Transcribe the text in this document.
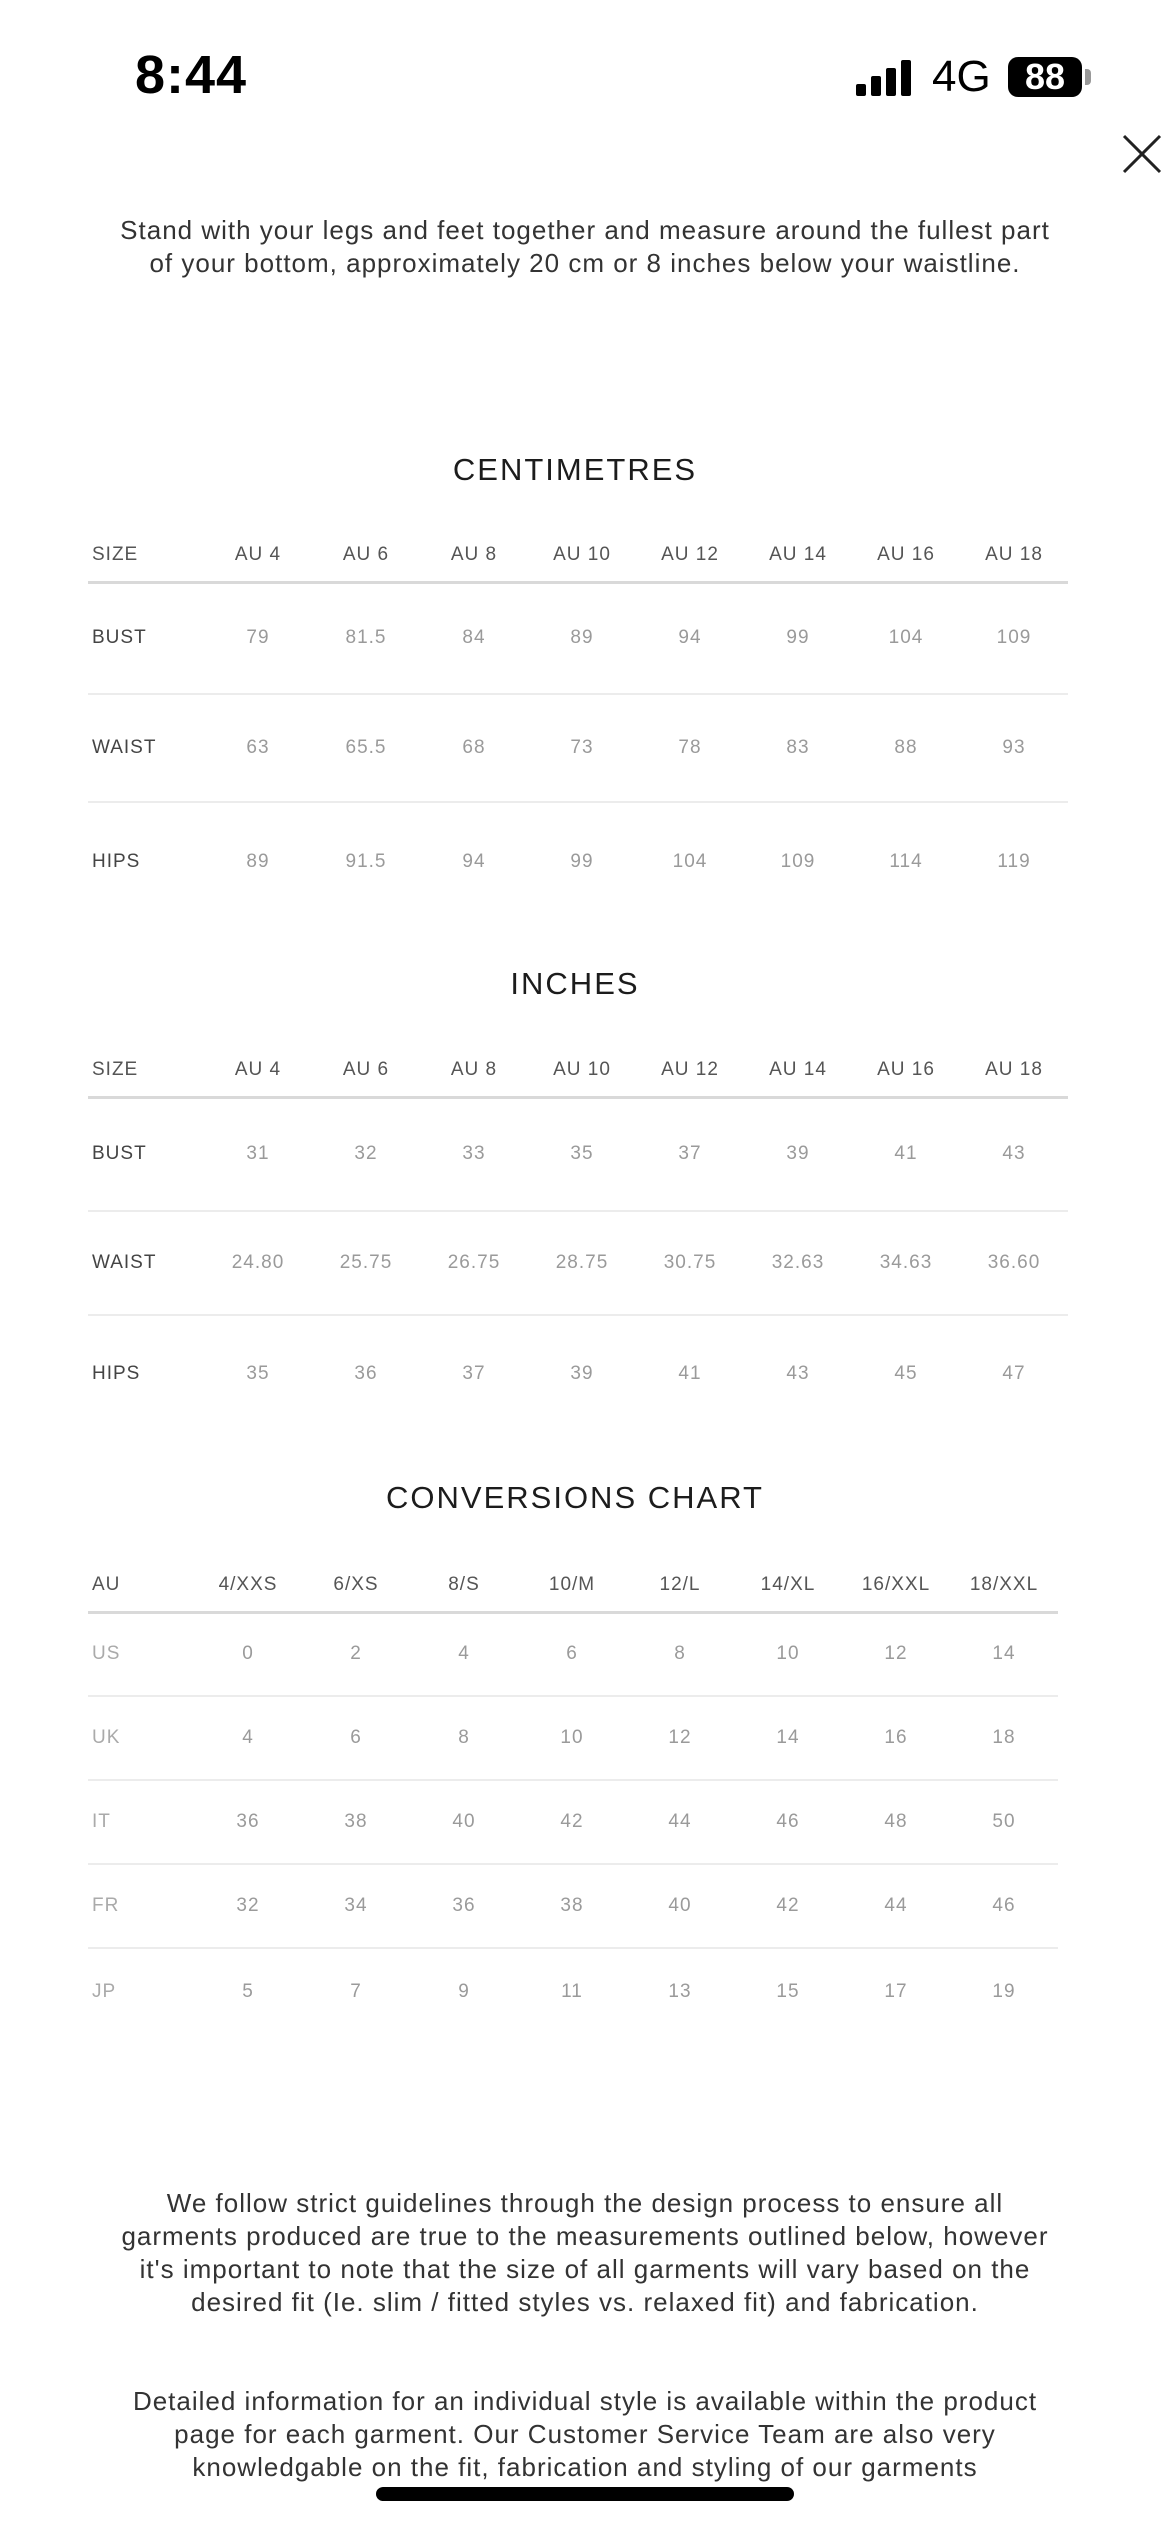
8:44	4G 88
Stand with your legs and feet together and measure around the fullest part of your bottom, approximately 20 cm or 8 inches below your waistline.
CENTIMETRES
SIZE	AU 4	AU 6	AU 8	AU 10	AU 12	AU 14	AU 16	AU 18
BUST	79	81.5	84	89	94	99	104	109
WAIST	63	65.5	68	73	78	83	88	93
HIPS	89	91.5	94	99	104	109	114	119
INCHES
SIZE	AU 4	AU 6	AU 8	AU 10	AU 12	AU 14	AU 16	AU 18
BUST	31	32	33	35	37	39	41	43
WAIST	24.80	25.75	26.75	28.75	30.75	32.63	34.63	36.60
HIPS	35	36	37	39	41	43	45	47
CONVERSIONS CHART
AU	4/XXS	6/XS	8/S	10/M	12/L	14/XL	16/XXL	18/XXL
US	0	2	4	6	8	10	12	14
UK	4	6	8	10	12	14	16	18
IT	36	38	40	42	44	46	48	50
FR	32	34	36	38	40	42	44	46
JP	5	7	9	11	13	15	17	19
We follow strict guidelines through the design process to ensure all garments produced are true to the measurements outlined below, however it's important to note that the size of all garments will vary based on the desired fit (Ie. slim / fitted styles vs. relaxed fit) and fabrication.
Detailed information for an individual style is available within the product page for each garment. Our Customer Service Team are also very knowledgable on the fit, fabrication and styling of our garments
